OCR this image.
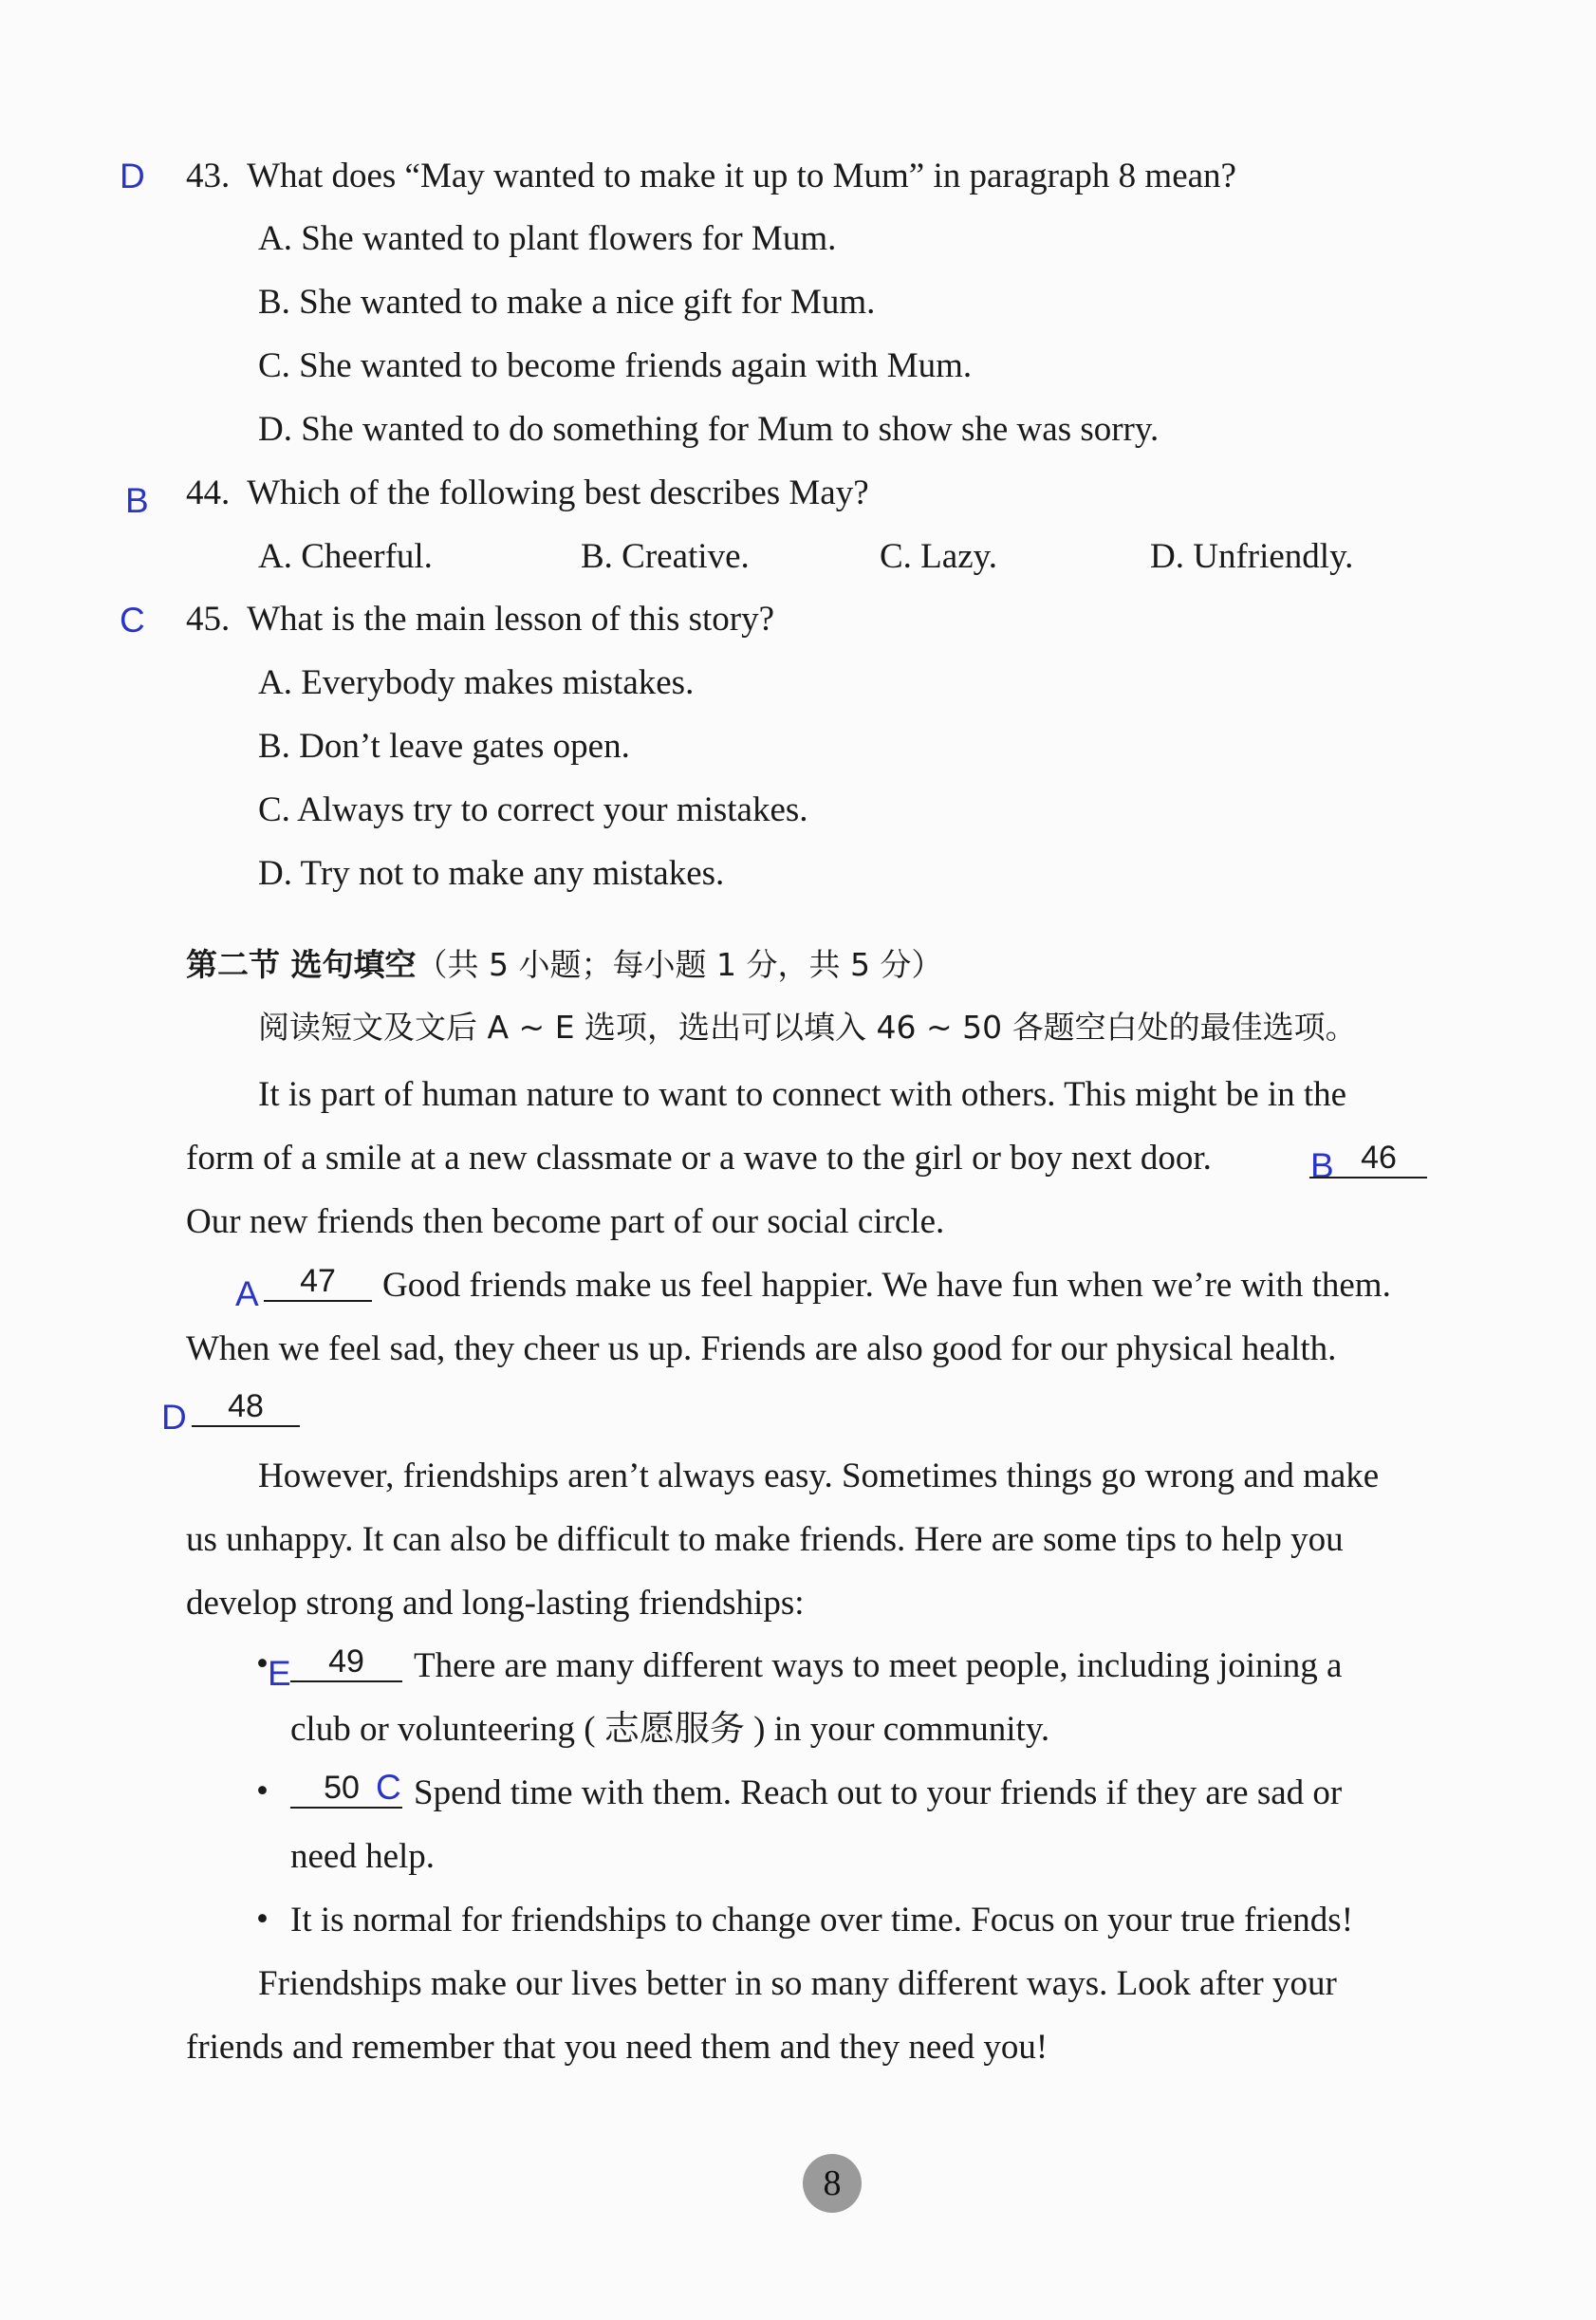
D 43. What does “May wanted to make it up to Mum” in paragraph 8 mean?
A. She wanted to plant flowers for Mum.
B. She wanted to make a nice gift for Mum.
C. She wanted to become friends again with Mum.
D. She wanted to do something for Mum to show she was sorry.
B 44. Which of the following best describes May?
A. Cheerful.	B. Creative.	C. Lazy.	D. Unfriendly.
C 45. What is the main lesson of this story?
A. Everybody makes mistakes.
B. Don’t leave gates open.
C. Always try to correct your mistakes.
D. Try not to make any mistakes.
第二节 选句填空（共 5 小题；每小题 1 分，共 5 分）
阅读短文及文后 A ~ E 选项，选出可以填入 46 ~ 50 各题空白处的最佳选项。
It is part of human nature to want to connect with others. This might be in the
form of a smile at a new classmate or a wave to the girl or boy next door.	B 46
Our new friends then become part of our social circle.
A	47	Good friends make us feel happier. We have fun when we’re with them.
When we feel sad, they cheer us up. Friends are also good for our physical health.
D	48
However, friendships aren’t always easy. Sometimes things go wrong and make
us unhappy. It can also be difficult to make friends. Here are some tips to help you
develop strong and long-lasting friendships:
• E	49	There are many different ways to meet people, including joining a
club or volunteering ( 志愿服务 ) in your community.
•	50 C Spend time with them. Reach out to your friends if they are sad or
need help.
• It is normal for friendships to change over time. Focus on your true friends!
Friendships make our lives better in so many different ways. Look after your
friends and remember that you need them and they need you!
8
